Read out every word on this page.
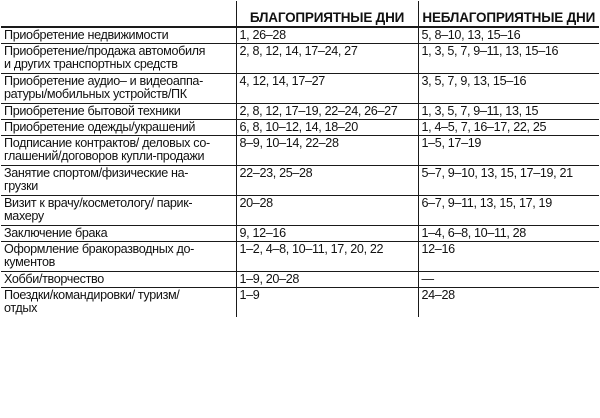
	БЛАГОПРИЯТНЫЕ ДНИ	НЕБЛАГОПРИЯТНЫЕ ДНИ
Приобретение недвижимости	1, 26–28	5, 8–10, 13, 15–16
Приобретение/продажа автомобиля
и других транспортных средств	2, 8, 12, 14, 17–24, 27	1, 3, 5, 7, 9–11, 13, 15–16
Приобретение аудио– и видеоаппа-
ратуры/мобильных устройств/ПК	4, 12, 14, 17–27	3, 5, 7, 9, 13, 15–16
Приобретение бытовой техники	2, 8, 12, 17–19, 22–24, 26–27	1, 3, 5, 7, 9–11, 13, 15
Приобретение одежды/украшений	6, 8, 10–12, 14, 18–20	1, 4–5, 7, 16–17, 22, 25
Подписание контрактов/ деловых со-
глашений/договоров купли-продажи	8–9, 10–14, 22–28	1–5, 17–19
Занятие спортом/физические на-
грузки	22–23, 25–28	5–7, 9–10, 13, 15, 17–19, 21
Визит к врачу/косметологу/ парик-
махеру	20–28	6–7, 9–11, 13, 15, 17, 19
Заключение брака	9, 12–16	1–4, 6–8, 10–11, 28
Оформление бракоразводных до-
кументов	1–2, 4–8, 10–11, 17, 20, 22	12–16
Хобби/творчество	1–9, 20–28	—
Поездки/командировки/ туризм/
отдых	1–9	24–28
